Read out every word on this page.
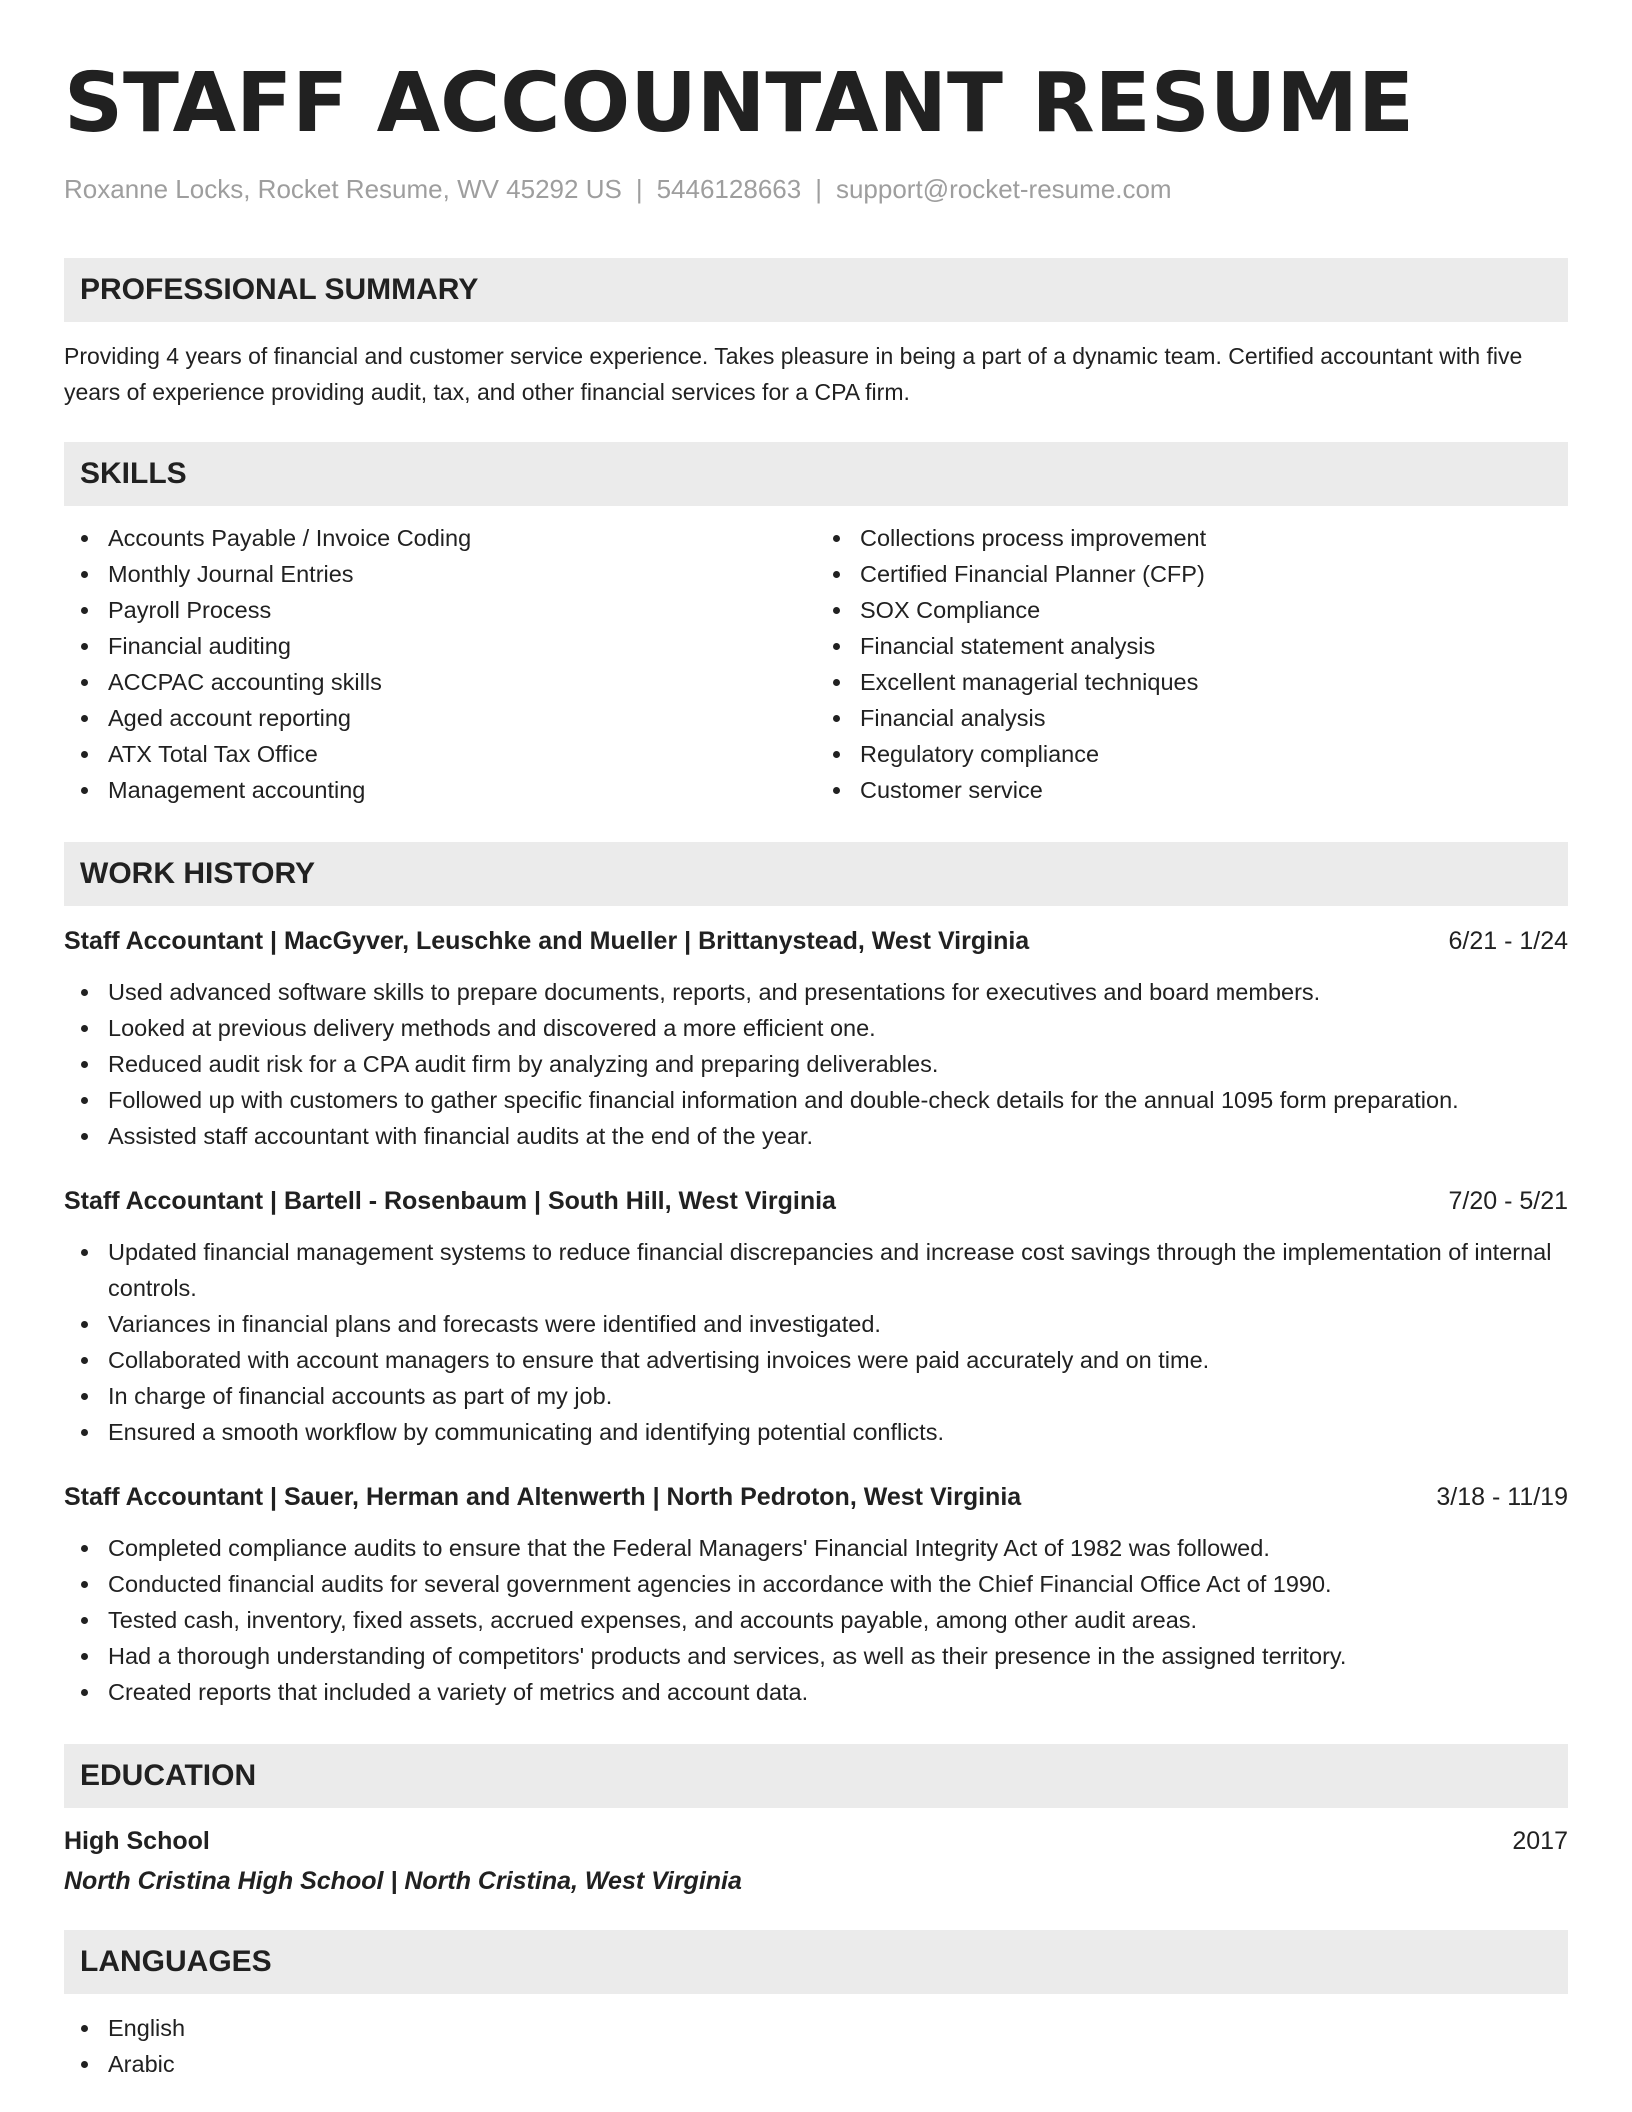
STAFF ACCOUNTANT RESUME
Roxanne Locks, Rocket Resume, WV 45292 US | 5446128663 | support@rocket-resume.com
PROFESSIONAL SUMMARY

Providing 4 years of financial and customer service experience. Takes pleasure in being a part of a dynamic team. Certified accountant with five years of experience providing audit, tax, and other financial services for a CPA firm.

SKILLS
Accounts Payable / Invoice Coding
Monthly Journal Entries
Payroll Process
Financial auditing
ACCPAC accounting skills
Aged account reporting
ATX Total Tax Office
Management accounting
Collections process improvement
Certified Financial Planner (CFP)
SOX Compliance
Financial statement analysis
Excellent managerial techniques
Financial analysis
Regulatory compliance
Customer service
WORK HISTORY
Staff Accountant | MacGyver, Leuschke and Mueller | Brittanystead, West Virginia	6/21 - 1/24
Used advanced software skills to prepare documents, reports, and presentations for executives and board members.
Looked at previous delivery methods and discovered a more efficient one.
Reduced audit risk for a CPA audit firm by analyzing and preparing deliverables.
Followed up with customers to gather specific financial information and double-check details for the annual 1095 form preparation.
Assisted staff accountant with financial audits at the end of the year.
Staff Accountant | Bartell - Rosenbaum | South Hill, West Virginia	7/20 - 5/21
Updated financial management systems to reduce financial discrepancies and increase cost savings through the implementation of internal controls.
Variances in financial plans and forecasts were identified and investigated.
Collaborated with account managers to ensure that advertising invoices were paid accurately and on time.
In charge of financial accounts as part of my job.
Ensured a smooth workflow by communicating and identifying potential conflicts.
Staff Accountant | Sauer, Herman and Altenwerth | North Pedroton, West Virginia	3/18 - 11/19
Completed compliance audits to ensure that the Federal Managers' Financial Integrity Act of 1982 was followed.
Conducted financial audits for several government agencies in accordance with the Chief Financial Office Act of 1990.
Tested cash, inventory, fixed assets, accrued expenses, and accounts payable, among other audit areas.
Had a thorough understanding of competitors' products and services, as well as their presence in the assigned territory.
Created reports that included a variety of metrics and account data.
EDUCATION
High School	2017
North Cristina High School | North Cristina, West Virginia
LANGUAGES
English
Arabic
